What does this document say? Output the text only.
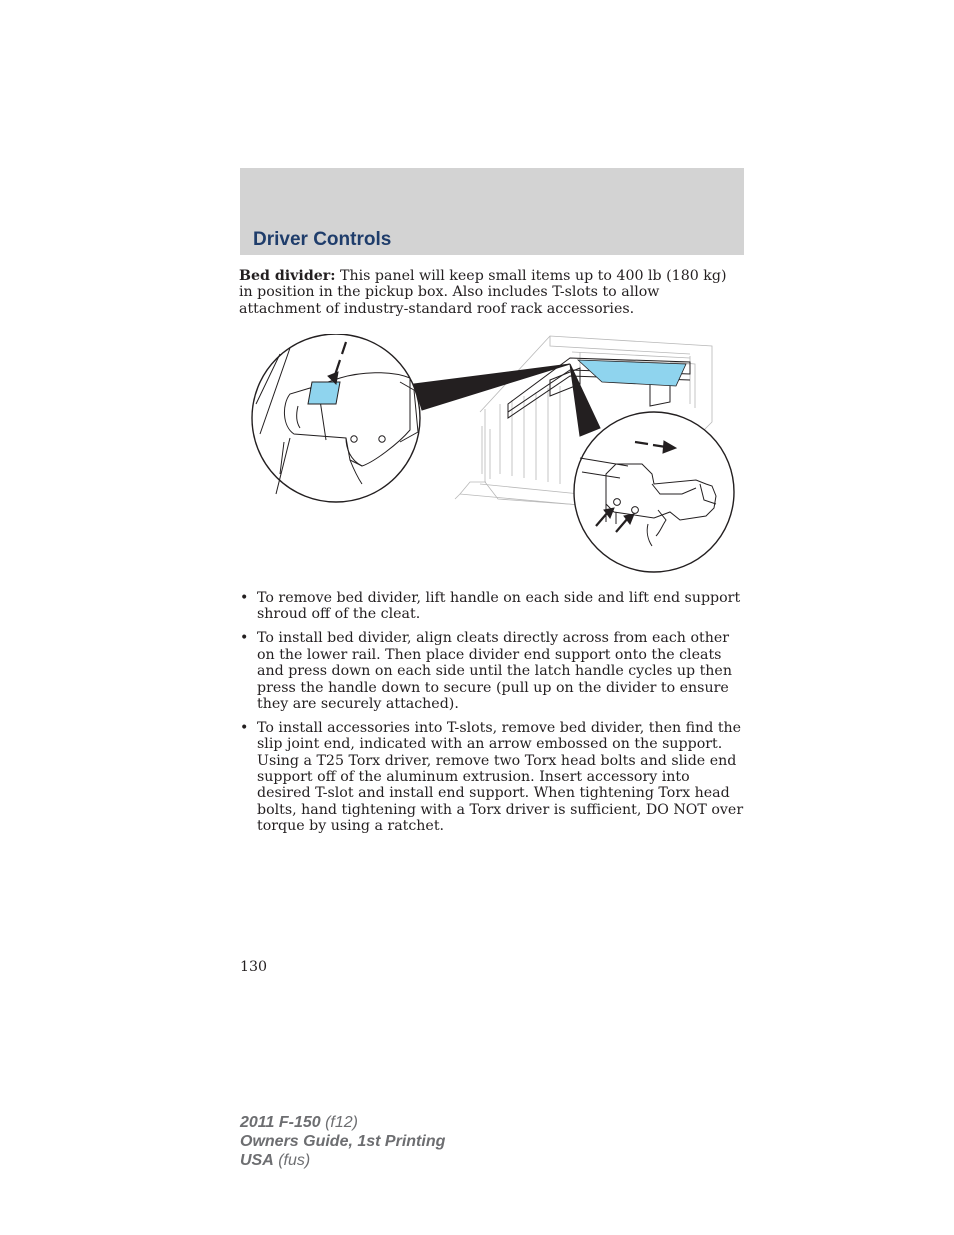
Driver Controls

Bed divider: This panel will keep small items up to 400 lb (180 kg) in position in the pickup box. Also includes T-slots to allow attachment of industry-standard roof rack accessories.

• To remove bed divider, lift handle on each side and lift end support shroud off of the cleat.
• To install bed divider, align cleats directly across from each other on the lower rail. Then place divider end support onto the cleats and press down on each side until the latch handle cycles up then press the handle down to secure (pull up on the divider to ensure they are securely attached).
• To install accessories into T-slots, remove bed divider, then find the slip joint end, indicated with an arrow embossed on the support. Using a T25 Torx driver, remove two Torx head bolts and slide end support off of the aluminum extrusion. Insert accessory into desired T-slot and install end support. When tightening Torx head bolts, hand tightening with a Torx driver is sufficient, DO NOT over torque by using a ratchet.
130
2011 F-150 (f12)
Owners Guide, 1st Printing
USA (fus)
